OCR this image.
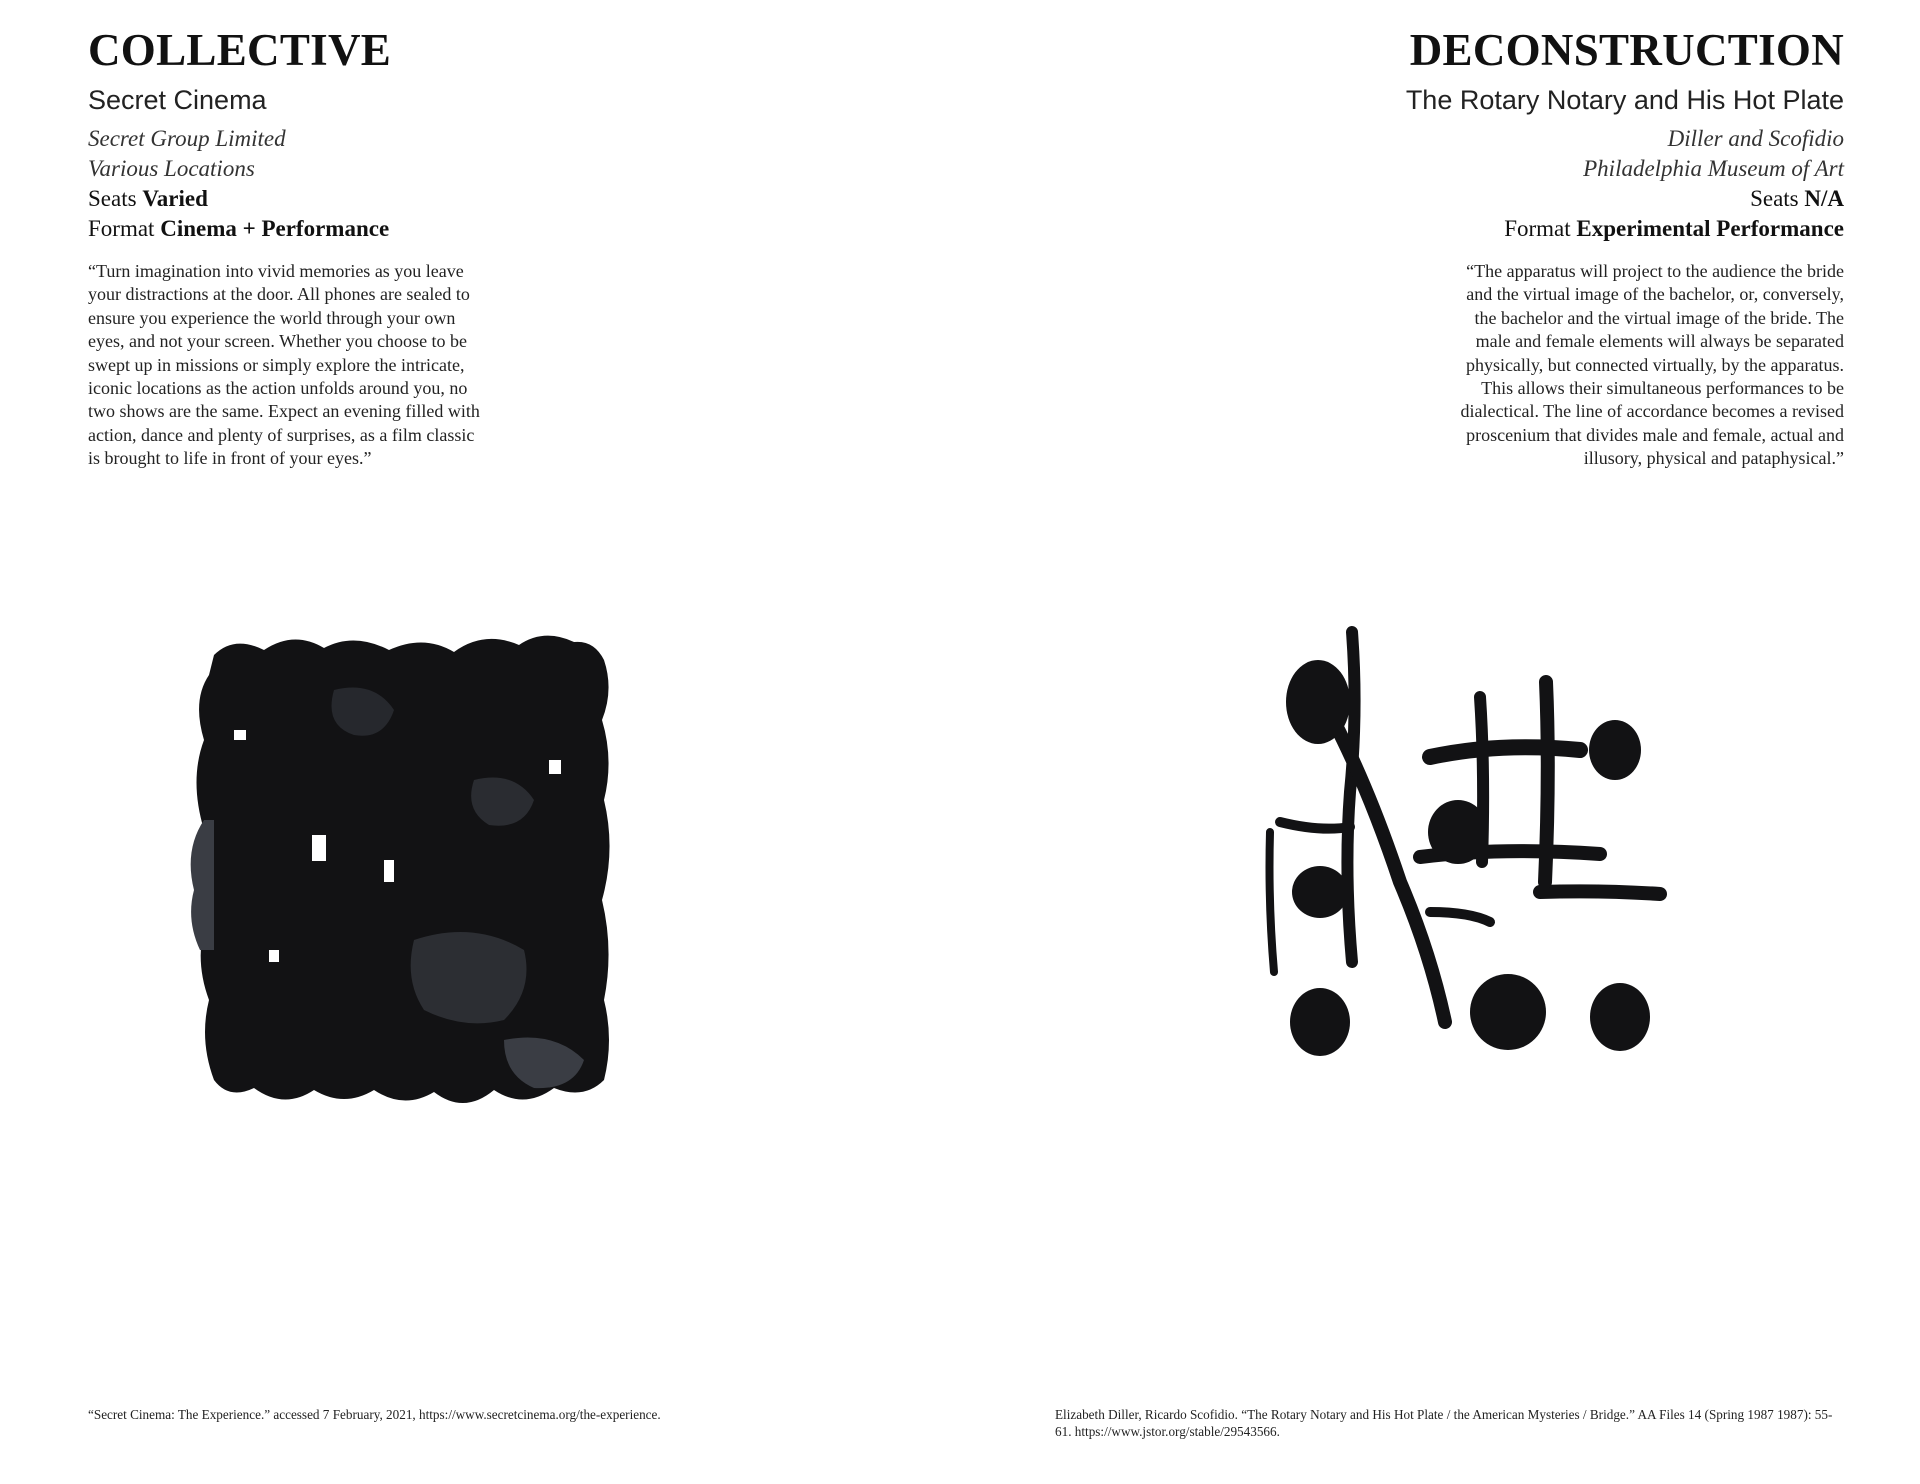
COLLECTIVE
Secret Cinema
Secret Group Limited
Various Locations
Seats Varied
Format Cinema + Performance
“Turn imagination into vivid memories as you leave your distractions at the door. All phones are sealed to ensure you experience the world through your own eyes, and not your screen. Whether you choose to be swept up in missions or simply explore the intricate, iconic locations as the action unfolds around you, no two shows are the same. Expect an evening filled with action, dance and plenty of surprises, as a film classic is brought to life in front of your eyes.”
DECONSTRUCTION
The Rotary Notary and His Hot Plate
Diller and Scofidio
Philadelphia Museum of Art
Seats N/A
Format Experimental Performance
“The apparatus will project to the audience the bride and the virtual image of the bachelor, or, conversely, the bachelor and the virtual image of the bride. The male and female elements will always be separated physically, but connected virtually, by the apparatus. This allows their simultaneous performances to be dialectical. The line of accordance becomes a revised proscenium that divides male and female, actual and illusory, physical and pataphysical.”
“Secret Cinema: The Experience.” accessed 7 February, 2021, https://www.secretcinema.org/the-experience.	Elizabeth Diller, Ricardo Scofidio. “The Rotary Notary and His Hot Plate / the American Mysteries / Bridge.” AA Files 14 (Spring 1987 1987): 55-61. https://www.jstor.org/stable/29543566.
